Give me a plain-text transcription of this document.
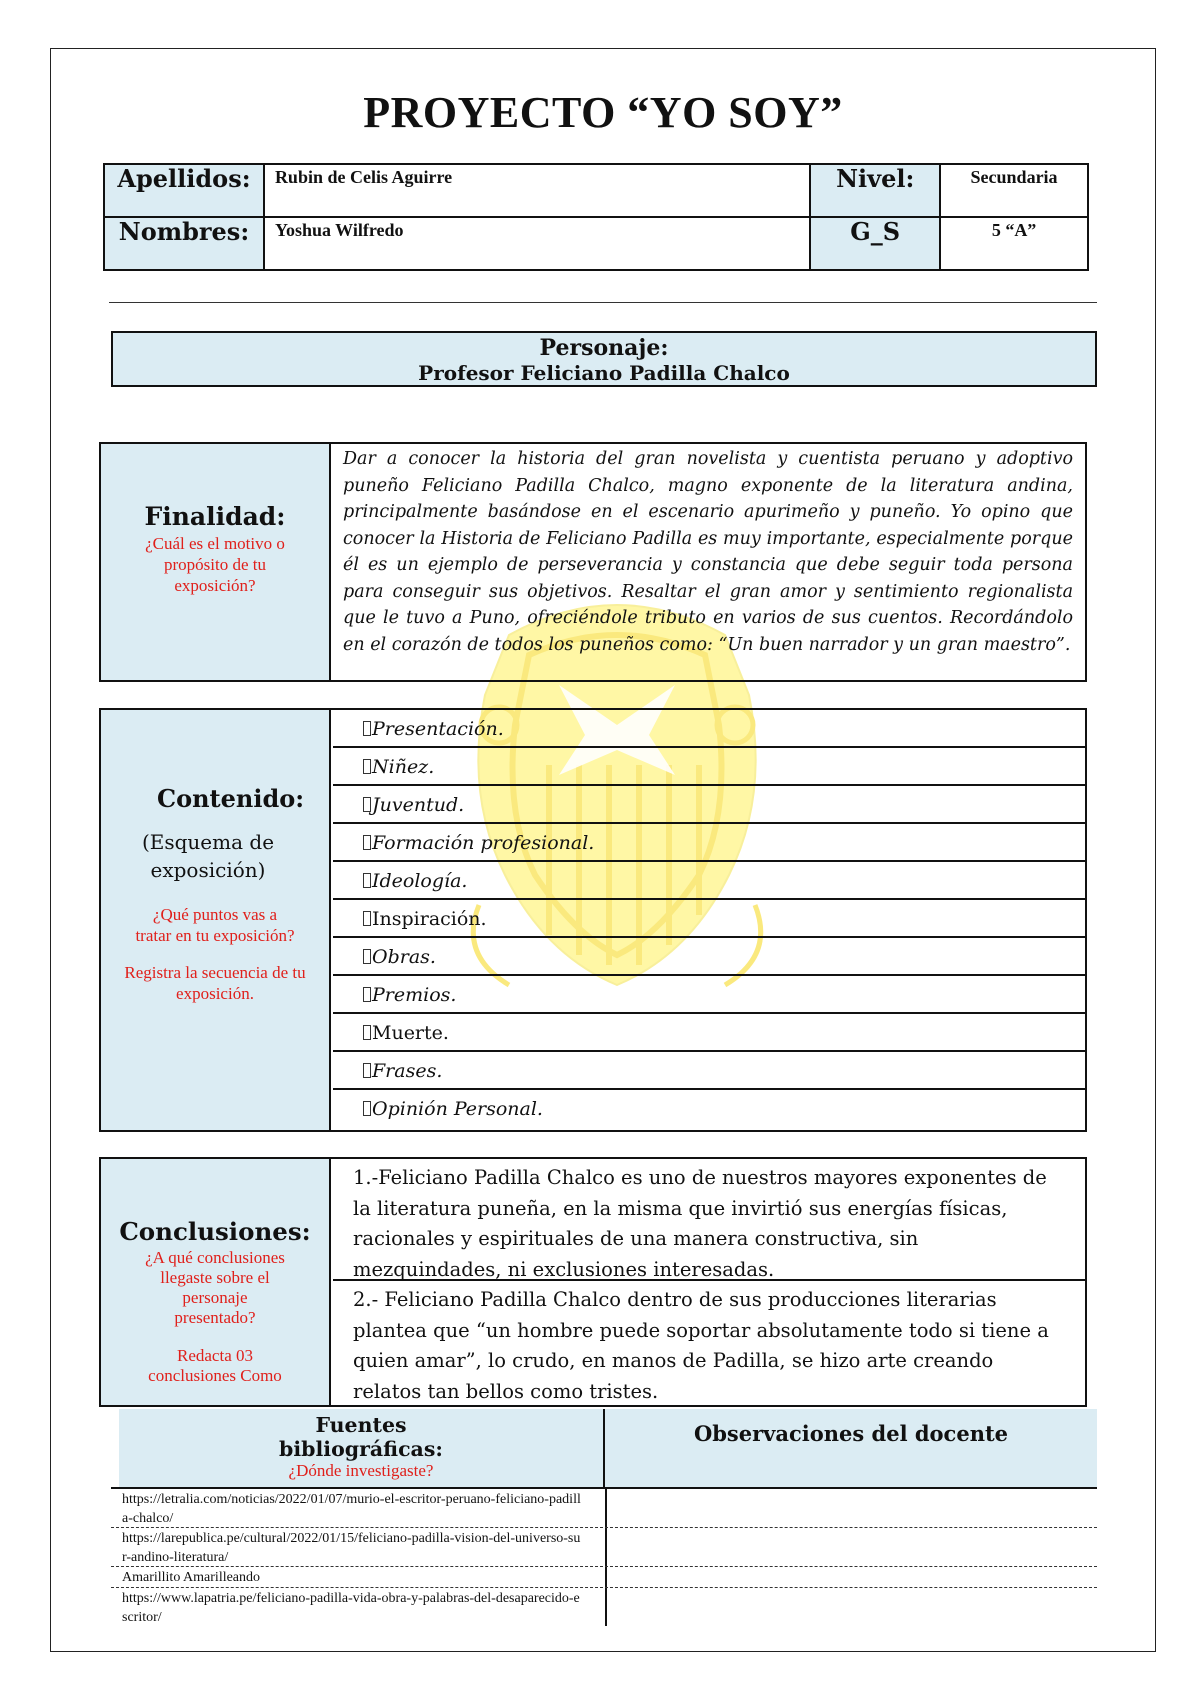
PROYECTO “YO SOY”
Apellidos:	Rubin de Celis Aguirre	Nivel:	Secundaria
Nombres:	Yoshua Wilfredo	G_S	5 “A”
Personaje:
Profesor Feliciano Padilla Chalco
Finalidad:
¿Cuál es el motivo o propósito de tu exposición?
Dar a conocer la historia del gran novelista y cuentista peruano y adoptivo puneño Feliciano Padilla Chalco, magno exponente de la literatura andina, principalmente basándose en el escenario apurimeño y puneño. Yo opino que conocer la Historia de Feliciano Padilla es muy importante, especialmente porque él es un ejemplo de perseverancia y constancia que debe seguir toda persona para conseguir sus objetivos. Resaltar el gran amor y sentimiento regionalista que le tuvo a Puno, ofreciéndole tributo en varios de sus cuentos. Recordándolo en el corazón de todos los puneños como: “Un buen narrador y un gran maestro”.
Contenido:
(Esquema de exposición)
¿Qué puntos vas a tratar en tu exposición?
Registra la secuencia de tu exposición.
Presentación.
Niñez.
Juventud.
Formación profesional.
Ideología.
Inspiración.
Obras.
Premios.
Muerte.
Frases.
Opinión Personal.
Conclusiones:
¿A qué conclusiones llegaste sobre el personaje presentado?
Redacta 03 conclusiones Como
1.-Feliciano Padilla Chalco es uno de nuestros mayores exponentes de la literatura puneña, en la misma que invirtió sus energías físicas, racionales y espirituales de una manera constructiva, sin mezquindades, ni exclusiones interesadas.
2.- Feliciano Padilla Chalco dentro de sus producciones literarias plantea que “un hombre puede soportar absolutamente todo si tiene a quien amar”, lo crudo, en manos de Padilla, se hizo arte creando relatos tan bellos como tristes.
Fuentes bibliográficas:
¿Dónde investigaste?
Observaciones del docente
https://letralia.com/noticias/2022/01/07/murio-el-escritor-peruano-feliciano-padilla-chalco/
https://larepublica.pe/cultural/2022/01/15/feliciano-padilla-vision-del-universo-sur-andino-literatura/
Amarillito Amarilleando
https://www.lapatria.pe/feliciano-padilla-vida-obra-y-palabras-del-desaparecido-escritor/
